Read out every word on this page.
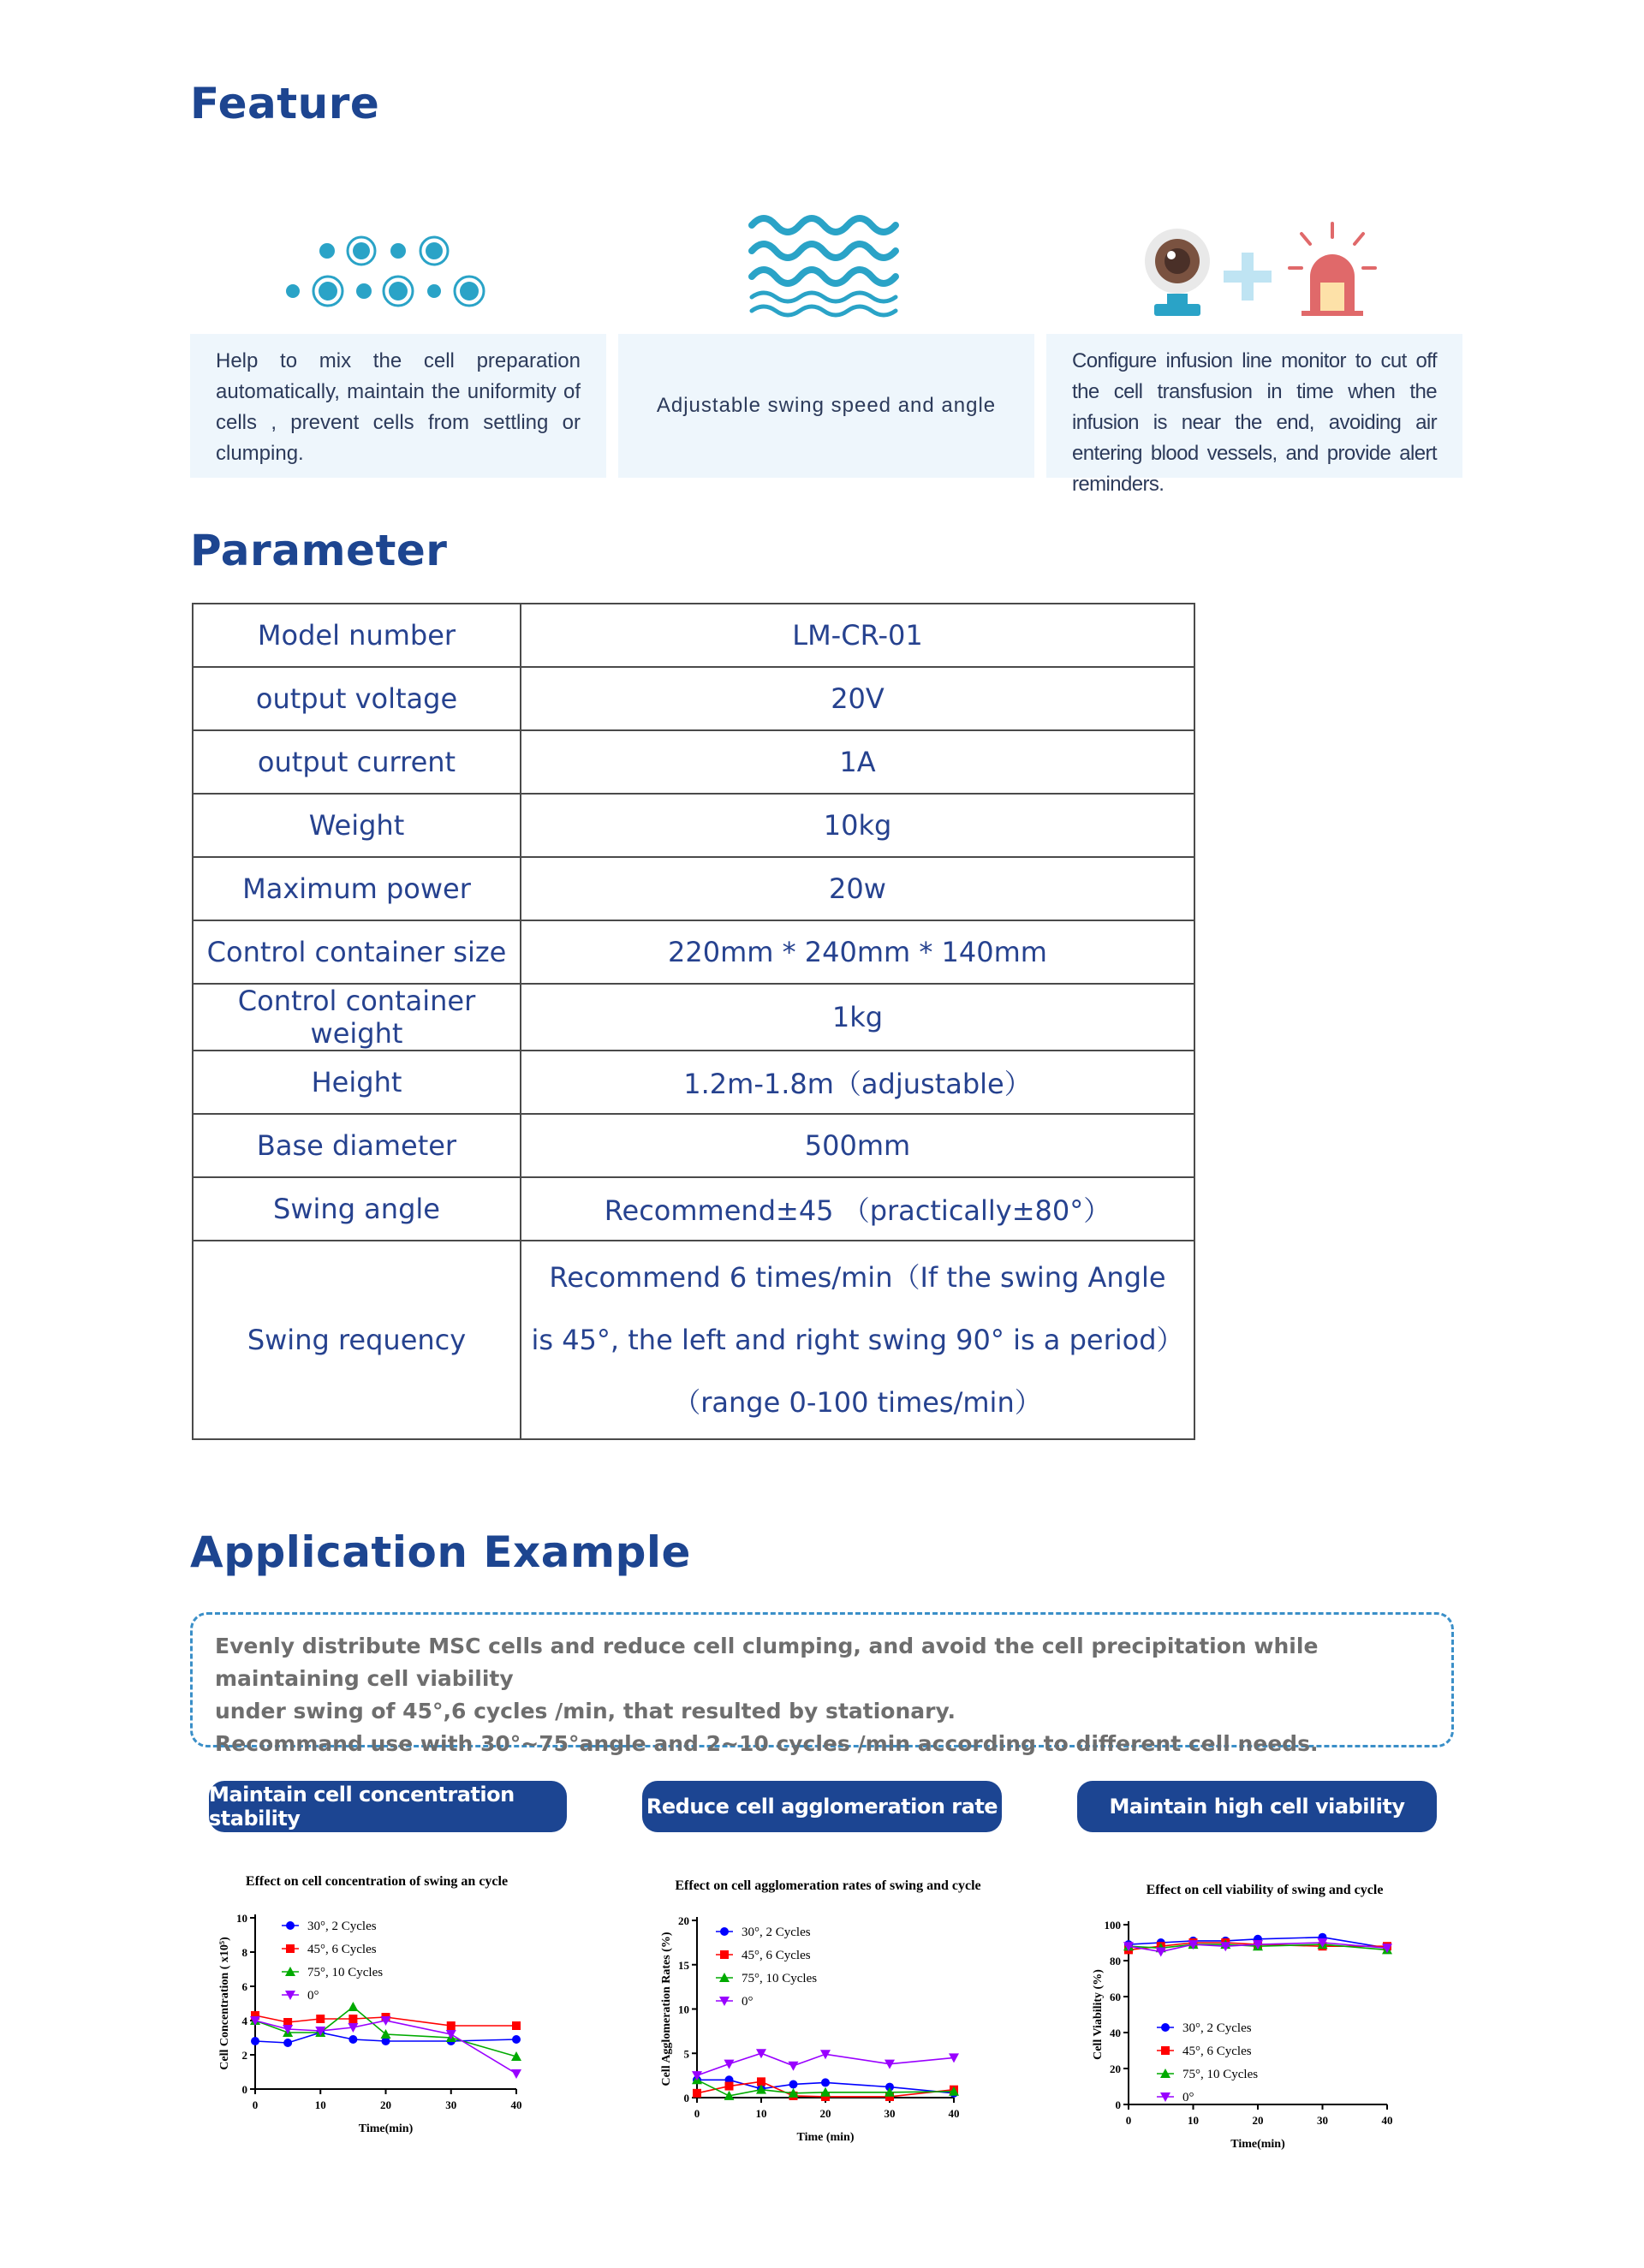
Feature
Help to mix the cell preparation automatically, maintain the uniformity of cells , prevent cells from settling or clumping.
Adjustable swing speed and angle
Configure infusion line monitor to cut off the cell transfusion in time when the infusion is near the end, avoiding air entering blood vessels, and provide alert reminders.
Parameter
Model number	LM-CR-01
output voltage	20V
output current	1A
Weight	10kg
Maximum power	20w
Control container size	220mm * 240mm * 140mm
Control container weight	1kg
Height	1.2m-1.8m（adjustable）
Base diameter	500mm
Swing angle	Recommend±45 （practically±80°）
Swing requency	Recommend 6 times/min（If the swing Angle
is 45°, the left and right swing 90° is a period）
（range 0-100 times/min）
Application Example
Evenly distribute MSC cells and reduce cell clumping, and avoid the cell precipitation while maintaining cell viability
under swing of 45°,6 cycles /min, that resulted by stationary.
Recommand use with 30°~75°angle and 2~10 cycles /min according to different cell needs.
Maintain cell concentration stability	Reduce cell agglomeration rate	Maintain high cell viability
Effect on cell concentration of swing an cycle
0
2
4
6
8
10
0	10	20	30	40
Time(min)
Cell Concentration ( x10⁵)
30°, 2 Cycles
45°, 6 Cycles
75°, 10 Cycles
0°
Effect on cell agglomeration rates of swing and cycle
0
5
10
15
20
0	10	20	30	40
Time (min)
Cell Agglomeration Rates (%)	30°, 2 Cycles
45°, 6 Cycles
75°, 10 Cycles
0°
Effect on cell viability of swing and cycle
0
20
40
60
80
100
0	10	20	30	40
Time(min)
Cell Viability (%)	30°, 2 Cycles
45°, 6 Cycles
75°, 10 Cycles
0°
